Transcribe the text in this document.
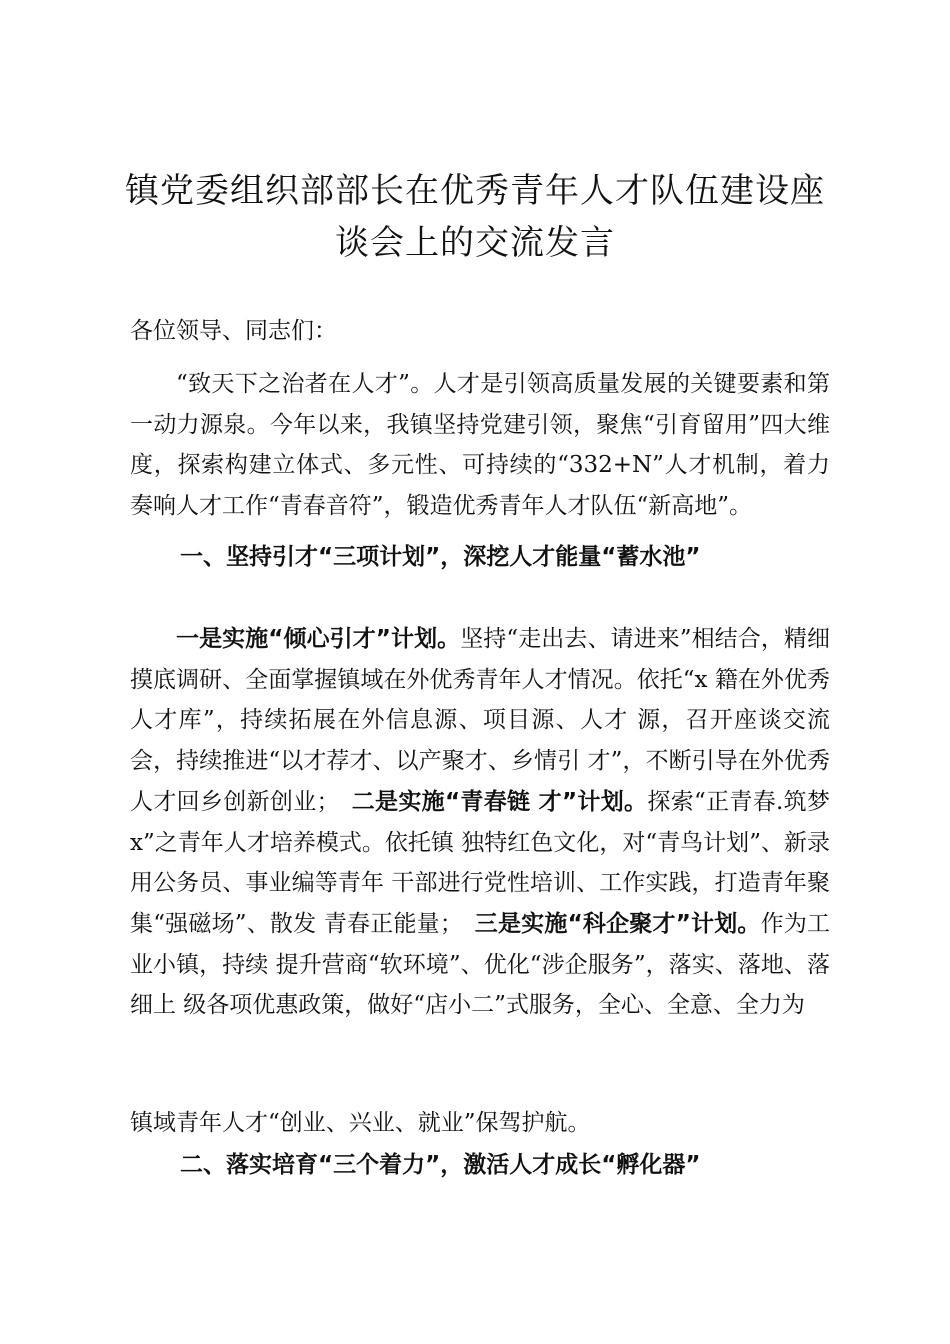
镇党委组织部部长在优秀青年人才队伍建设座
谈会上的交流发言

各位领导、同志们：

“致天下之治者在人才”。人才是引领高质量发展的关键要素和第一动力源泉。今年以来，我镇坚持党建引领，聚焦“引育留用”四大维度，探索构建立体式、多元性、可持续的“332+N”人才机制，着力奏响人才工作“青春音符”，锻造优秀青年人才队伍“新高地”。

一、坚持引才“三项计划”，深挖人才能量“蓄水池”

一是实施“倾心引才”计划。坚持“走出去、请进来”相结合，精细摸底调研、全面掌握镇域在外优秀青年人才情况。依托“x 籍在外优秀人才库”，持续拓展在外信息源、项目源、人才 源，召开座谈交流会，持续推进“以才荐才、以产聚才、乡情引 才”，不断引导在外优秀人才回乡创新创业；　 二是实施“青春链 才”计划。探索“正青春.筑梦 x”之青年人才培养模式。依托镇 独特红色文化，对“青鸟计划”、新录用公务员、事业编等青年 干部进行党性培训、工作实践，打造青年聚集“强磁场”、散发 青春正能量；　 三是实施“科企聚才”计划。作为工业小镇，持续 提升营商“软环境”、优化“涉企服务”，落实、落地、落细上 级各项优惠政策，做好“店小二”式服务，全心、全意、全力为

镇域青年人才“创业、兴业、就业”保驾护航。

二、落实培育“三个着力”，激活人才成长“孵化器”
